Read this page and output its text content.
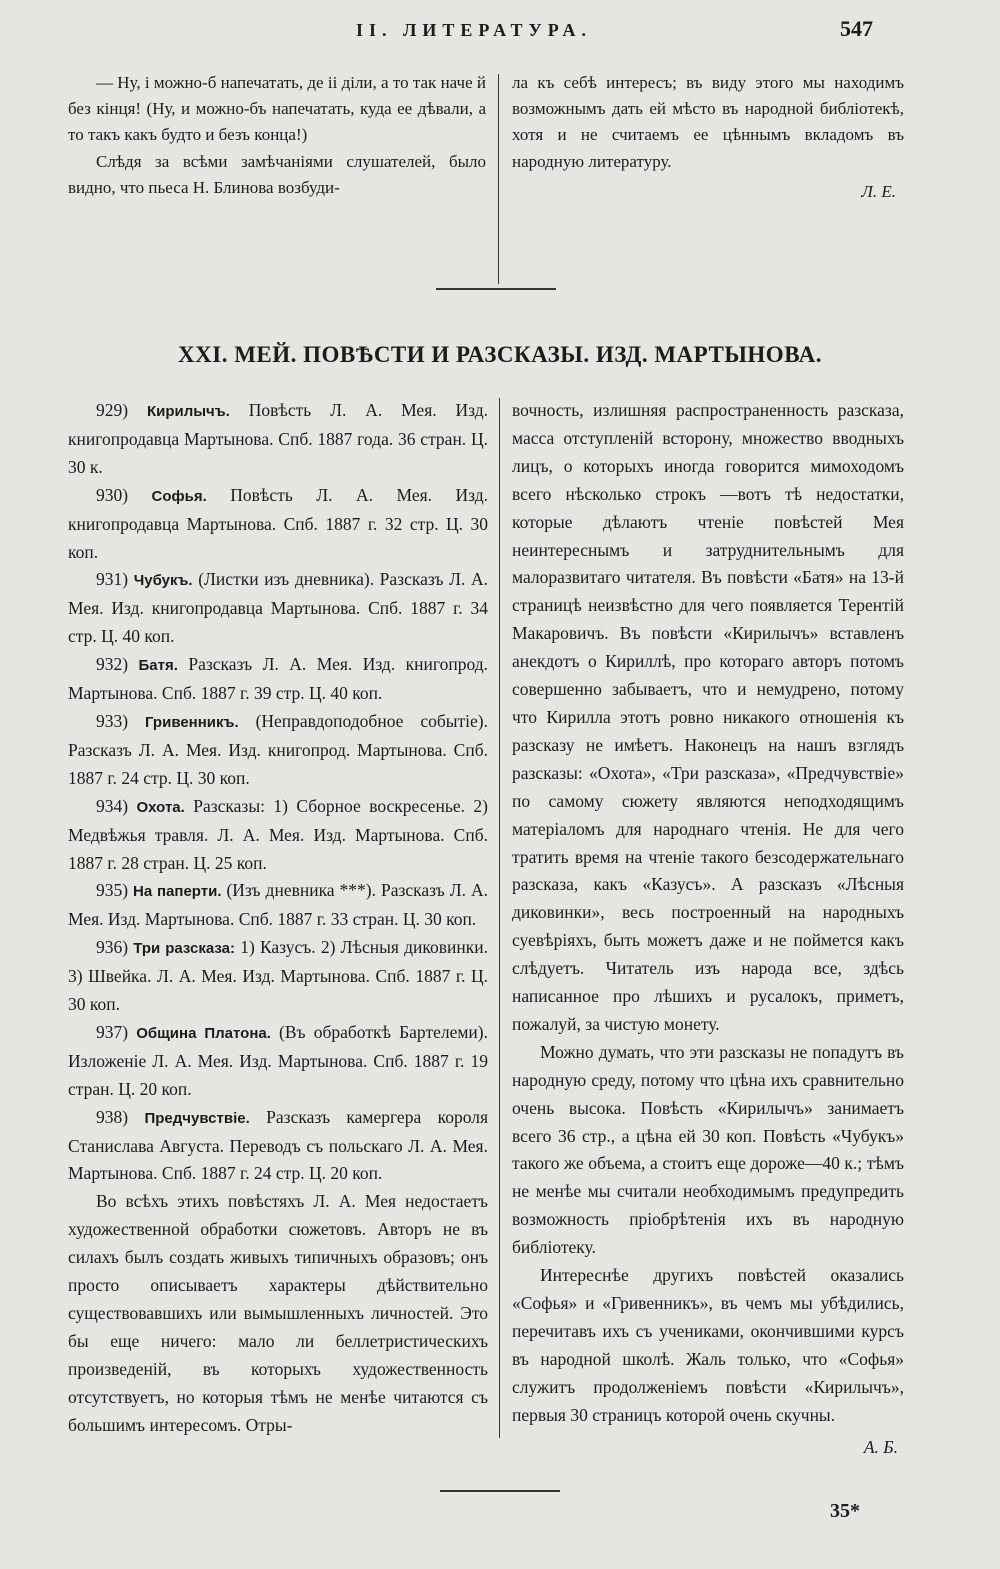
II. ЛИТЕРАТУРА.	547

— Ну, і можно-б напечатать, де іі діли, а то так наче й без кінця! (Ну, и можно-бъ напечатать, куда ее дѣвали, а то такъ какъ будто и безъ конца!)

Слѣдя за всѣми замѣчаніями слушателей, было видно, что пьеса Н. Блинова возбуди-

ла къ себѣ интересъ; въ виду этого мы находимъ возможнымъ дать ей мѣсто въ народной библіотекѣ, хотя и не считаемъ ее цѣннымъ вкладомъ въ народную литературу.

Л. Е.

XXI. МЕЙ. ПОВѢСТИ И РАЗСКАЗЫ. ИЗД. МАРТЫНОВА.

929) Кирилычъ. Повѣсть Л. А. Мея. Изд. книгопродавца Мартынова. Спб. 1887 года. 36 стран. Ц. 30 к.

930) Софья. Повѣсть Л. А. Мея. Изд. книгопродавца Мартынова. Спб. 1887 г. 32 стр. Ц. 30 коп.

931) Чубукъ. (Листки изъ дневника). Разсказъ Л. А. Мея. Изд. книгопродавца Мартынова. Спб. 1887 г. 34 стр. Ц. 40 коп.

932) Батя. Разсказъ Л. А. Мея. Изд. книгопрод. Мартынова. Спб. 1887 г. 39 стр. Ц. 40 коп.

933) Гривенникъ. (Неправдоподобное событіе). Разсказъ Л. А. Мея. Изд. книгопрод. Мартынова. Спб. 1887 г. 24 стр. Ц. 30 коп.

934) Охота. Разсказы: 1) Сборное воскресенье. 2) Медвѣжья травля. Л. А. Мея. Изд. Мартынова. Спб. 1887 г. 28 стран. Ц. 25 коп.

935) На паперти. (Изъ дневника ***). Разсказъ Л. А. Мея. Изд. Мартынова. Спб. 1887 г. 33 стран. Ц. 30 коп.

936) Три разсказа: 1) Казусъ. 2) Лѣсныя диковинки. 3) Швейка. Л. А. Мея. Изд. Мартынова. Спб. 1887 г. Ц. 30 коп.

937) Община Платона. (Въ обработкѣ Бартелеми). Изложеніе Л. А. Мея. Изд. Мартынова. Спб. 1887 г. 19 стран. Ц. 20 коп.

938) Предчувствіе. Разсказъ камергера короля Станислава Августа. Переводъ съ польскаго Л. А. Мея. Мартынова. Спб. 1887 г. 24 стр. Ц. 20 коп.

Во всѣхъ этихъ повѣстяхъ Л. А. Мея недостаетъ художественной обработки сюжетовъ. Авторъ не въ силахъ былъ создать живыхъ типичныхъ образовъ; онъ просто описываетъ характеры дѣйствительно существовавшихъ или вымышленныхъ личностей. Это бы еще ничего: мало ли беллетристическихъ произведеній, въ которыхъ художественность отсутствуетъ, но которыя тѣмъ не менѣе читаются съ большимъ интересомъ. Отры-

вочность, излишняя распространенность разсказа, масса отступленій всторону, множество вводныхъ лицъ, о которыхъ иногда говорится мимоходомъ всего нѣсколько строкъ —вотъ тѣ недостатки, которые дѣлаютъ чтеніе повѣстей Мея неинтереснымъ и затруднительнымъ для малоразвитаго читателя. Въ повѣсти «Батя» на 13-й страницѣ неизвѣстно для чего появляется Терентій Макаровичъ. Въ повѣсти «Кирилычъ» вставленъ анекдотъ о Кириллѣ, про котораго авторъ потомъ совершенно забываетъ, что и немудрено, потому что Кирилла этотъ ровно никакого отношенія къ разсказу не имѣетъ. Наконецъ на нашъ взглядъ разсказы: «Охота», «Три разсказа», «Предчувствіе» по самому сюжету являются неподходящимъ матеріаломъ для народнаго чтенія. Не для чего тратить время на чтеніе такого безсодержательнаго разсказа, какъ «Казусъ». А разсказъ «Лѣсныя диковинки», весь построенный на народныхъ суевѣріяхъ, быть можетъ даже и не поймется какъ слѣдуетъ. Читатель изъ народа все, здѣсь написанное про лѣшихъ и русалокъ, приметъ, пожалуй, за чистую монету.

Можно думать, что эти разсказы не попадутъ въ народную среду, потому что цѣна ихъ сравнительно очень высока. Повѣсть «Кирилычъ» занимаетъ всего 36 стр., а цѣна ей 30 коп. Повѣсть «Чубукъ» такого же объема, а стоитъ еще дороже—40 к.; тѣмъ не менѣе мы считали необходимымъ предупредить возможность пріобрѣтенія ихъ въ народную библіотеку.

Интереснѣе другихъ повѣстей оказались «Софья» и «Гривенникъ», въ чемъ мы убѣдились, перечитавъ ихъ съ учениками, окончившими курсъ въ народной школѣ. Жаль только, что «Софья» служитъ продолженіемъ повѣсти «Кирилычъ», первыя 30 страницъ которой очень скучны.

А. Б.

35*
